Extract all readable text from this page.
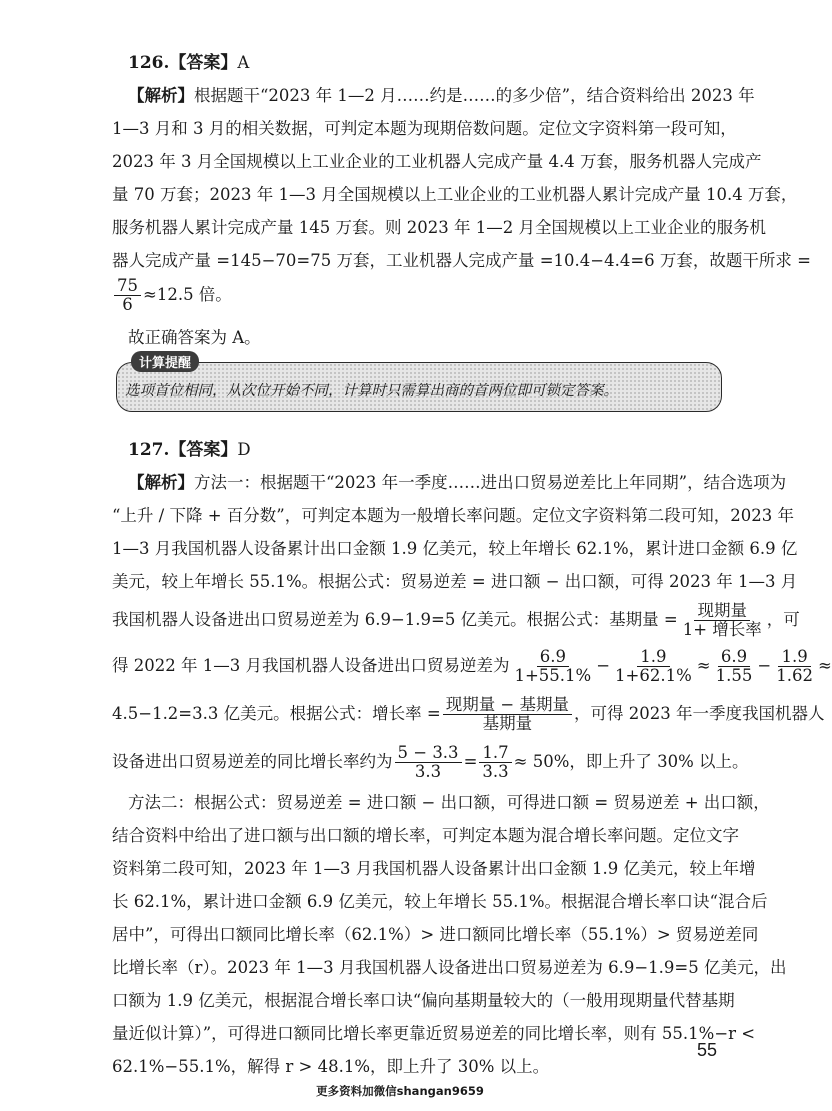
126.【答案】A
【解析】根据题干“2023 年 1—2 月……约是……的多少倍”，结合资料给出 2023 年
1—3 月和 3 月的相关数据，可判定本题为现期倍数问题。定位文字资料第一段可知，
2023 年 3 月全国规模以上工业企业的工业机器人完成产量 4.4 万套，服务机器人完成产
量 70 万套；2023 年 1—3 月全国规模以上工业企业的工业机器人累计完成产量 10.4 万套，
服务机器人累计完成产量 145 万套。则 2023 年 1—2 月全国规模以上工业企业的服务机
器人完成产量 =145−70=75 万套，工业机器人完成产量 =10.4−4.4=6 万套，故题干所求 =
$\frac{75}{6} \approx 12.5$ 倍。
故正确答案为 A。
计算提醒
选项首位相同，从次位开始不同，计算时只需算出商的首两位即可锁定答案。
127.【答案】D
【解析】方法一：根据题干“2023 年一季度……进出口贸易逆差比上年同期”，结合选项为
“上升 / 下降 + 百分数”，可判定本题为一般增长率问题。定位文字资料第二段可知，2023 年
1—3 月我国机器人设备累计出口金额 1.9 亿美元，较上年增长 62.1%，累计进口金额 6.9 亿
美元，较上年增长 55.1%。根据公式：贸易逆差 = 进口额 − 出口额，可得 2023 年 1—3 月
我国机器人设备进出口贸易逆差为 6.9−1.9=5 亿美元。根据公式：基期量 = $\frac{\text{现期量}}{\text{1+ 增长率}}$ ，可
得 2022 年 1—3 月我国机器人设备进出口贸易逆差为 $\frac{6.9}{1+55.1\%} - \frac{1.9}{1+62.1\%} \approx \frac{6.9}{1.55} - \frac{1.9}{1.62}$ ≈
4.5−1.2=3.3 亿美元。根据公式：增长率 = $\frac{\text{现期量 − 基期量}}{\text{基期量}}$ ，可得 2023 年一季度我国机器人
设备进出口贸易逆差的同比增长率约为 $\frac{5 - 3.3}{3.3} = \frac{1.7}{3.3} \approx 50\%$，即上升了 30% 以上。
方法二：根据公式：贸易逆差 = 进口额 − 出口额，可得进口额 = 贸易逆差 + 出口额，
结合资料中给出了进口额与出口额的增长率，可判定本题为混合增长率问题。定位文字
资料第二段可知，2023 年 1—3 月我国机器人设备累计出口金额 1.9 亿美元，较上年增
长 62.1%，累计进口金额 6.9 亿美元，较上年增长 55.1%。根据混合增长率口诀“混合后
居中”，可得出口额同比增长率（62.1%）> 进口额同比增长率（55.1%）> 贸易逆差同
比增长率（r）。2023 年 1—3 月我国机器人设备进出口贸易逆差为 6.9−1.9=5 亿美元，出
口额为 1.9 亿美元，根据混合增长率口诀“偏向基期量较大的（一般用现期量代替基期
量近似计算）”，可得进口额同比增长率更靠近贸易逆差的同比增长率，则有 55.1%−r <
62.1%−55.1%，解得 r > 48.1%，即上升了 30% 以上。
55
更多资料加微信shangan9659
